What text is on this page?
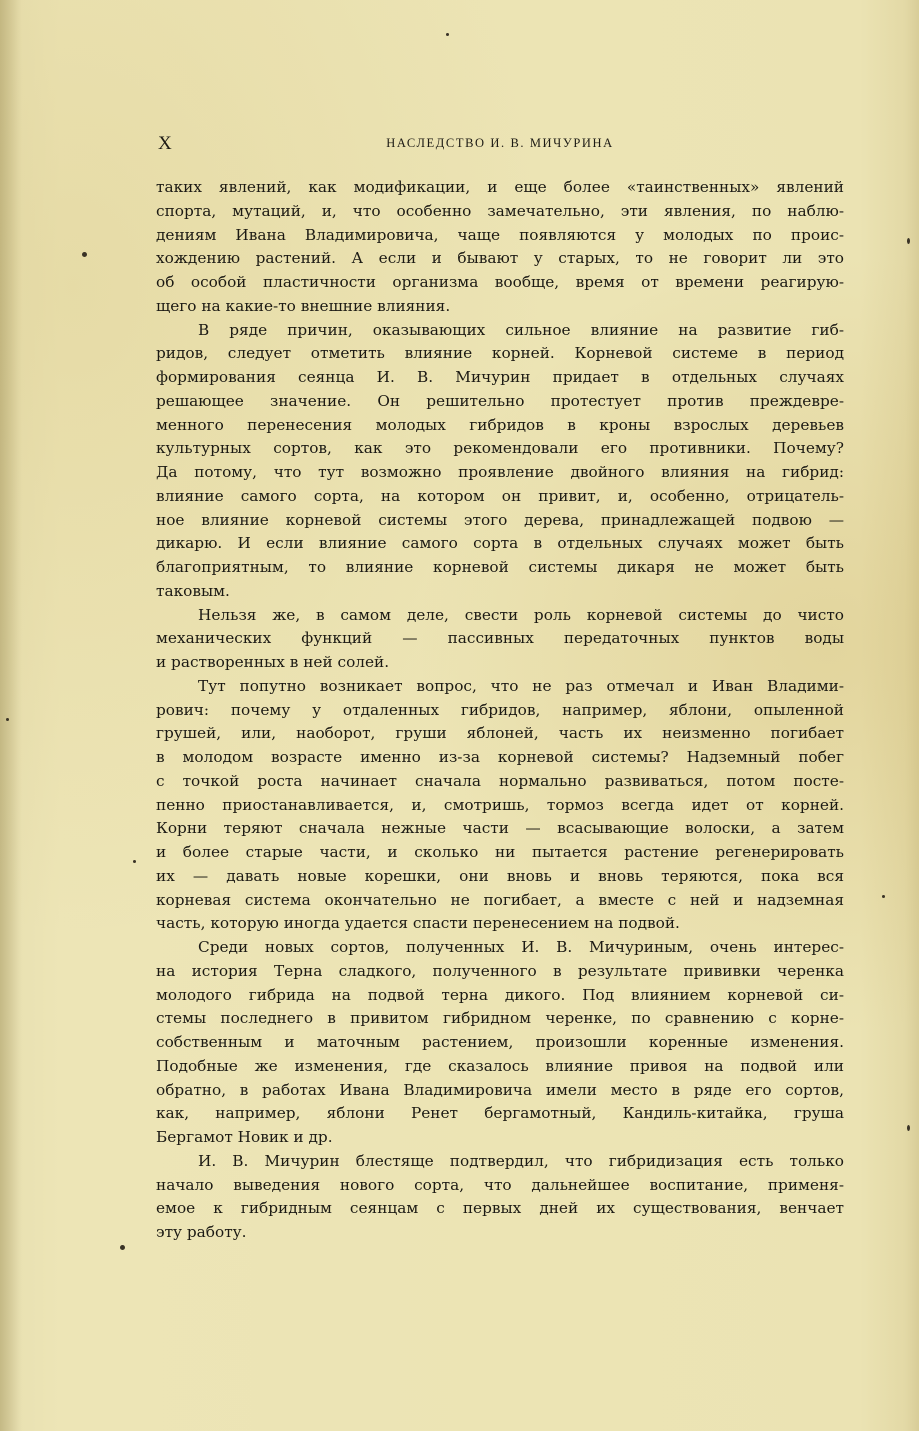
X	НАСЛЕДСТВО И. В. МИЧУРИНА
таких явлений, как модификации, и еще более «таинственных» явлений
спорта, мутаций, и, что особенно замечательно, эти явления, по наблю-
дениям Ивана Владимировича, чаще появляются у молодых по проис-
хождению растений. А если и бывают у старых, то не говорит ли это
об особой пластичности организма вообще, время от времени реагирую-
щего на какие-то внешние влияния.
В ряде причин, оказывающих сильное влияние на развитие гиб-
ридов, следует отметить влияние корней. Корневой системе в период
формирования сеянца И. В. Мичурин придает в отдельных случаях
решающее значение. Он решительно протестует против преждевре-
менного перенесения молодых гибридов в кроны взрослых деревьев
культурных сортов, как это рекомендовали его противники. Почему?
Да потому, что тут возможно проявление двойного влияния на гибрид:
влияние самого сорта, на котором он привит, и, особенно, отрицатель-
ное влияние корневой системы этого дерева, принадлежащей подвою —
дикарю. И если влияние самого сорта в отдельных случаях может быть
благоприятным, то влияние корневой системы дикаря не может быть
таковым.
Нельзя же, в самом деле, свести роль корневой системы до чисто
механических функций — пассивных передаточных пунктов воды
и растворенных в ней солей.
Тут попутно возникает вопрос, что не раз отмечал и Иван Владими-
рович: почему у отдаленных гибридов, например, яблони, опыленной
грушей, или, наоборот, груши яблоней, часть их неизменно погибает
в молодом возрасте именно из-за корневой системы? Надземный побег
с точкой роста начинает сначала нормально развиваться, потом посте-
пенно приостанавливается, и, смотришь, тормоз всегда идет от корней.
Корни теряют сначала нежные части — всасывающие волоски, а затем
и более старые части, и сколько ни пытается растение регенерировать
их — давать новые корешки, они вновь и вновь теряются, пока вся
корневая система окончательно не погибает, а вместе с ней и надземная
часть, которую иногда удается спасти перенесением на подвой.
Среди новых сортов, полученных И. В. Мичуриным, очень интерес-
на история Терна сладкого, полученного в результате прививки черенка
молодого гибрида на подвой терна дикого. Под влиянием корневой си-
стемы последнего в привитом гибридном черенке, по сравнению с корне-
собственным и маточным растением, произошли коренные изменения.
Подобные же изменения, где сказалось влияние привоя на подвой или
обратно, в работах Ивана Владимировича имели место в ряде его сортов,
как, например, яблони Ренет бергамотный, Кандиль-китайка, груша
Бергамот Новик и др.
И. В. Мичурин блестяще подтвердил, что гибридизация есть только
начало выведения нового сорта, что дальнейшее воспитание, применя-
емое к гибридным сеянцам с первых дней их существования, венчает
эту работу.
